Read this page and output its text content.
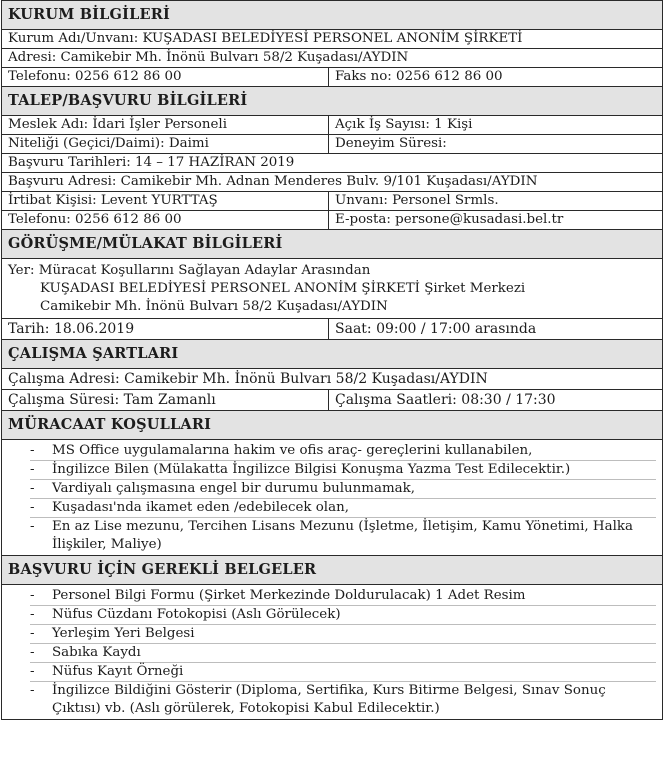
KURUM BİLGİLERİ
Kurum Adı/Unvanı: KUŞADASI BELEDİYESİ PERSONEL ANONİM ŞİRKETİ
Adresi: Camikebir Mh. İnönü Bulvarı 58/2 Kuşadası/AYDIN
Telefonu: 0256 612 86 00	Faks no: 0256 612 86 00
TALEP/BAŞVURU BİLGİLERİ
Meslek Adı: İdari İşler Personeli	Açık İş Sayısı: 1 Kişi
Niteliği (Geçici/Daimi): Daimi	Deneyim Süresi:
Başvuru Tarihleri: 14 – 17 HAZİRAN 2019
Başvuru Adresi: Camikebir Mh. Adnan Menderes Bulv. 9/101 Kuşadası/AYDIN
İrtibat Kişisi: Levent YURTTAŞ	Unvanı: Personel Srmls.
Telefonu: 0256 612 86 00	E-posta: persone@kusadasi.bel.tr
GÖRÜŞME/MÜLAKAT BİLGİLERİ
Yer: Müracat Koşullarını Sağlayan Adaylar Arasından
KUŞADASI BELEDİYESİ PERSONEL ANONİM ŞİRKETİ Şirket Merkezi
Camikebir Mh. İnönü Bulvarı 58/2 Kuşadası/AYDIN
Tarih: 18.06.2019	Saat: 09:00 / 17:00 arasında
ÇALIŞMA ŞARTLARI
Çalışma Adresi: Camikebir Mh. İnönü Bulvarı 58/2 Kuşadası/AYDIN
Çalışma Süresi: Tam Zamanlı	Çalışma Saatleri: 08:30 / 17:30
MÜRACAAT KOŞULLARI
-	MS Office uygulamalarına hakim ve ofis araç- gereçlerini kullanabilen,
-	İngilizce Bilen (Mülakatta İngilizce Bilgisi Konuşma Yazma Test Edilecektir.)
-	Vardiyalı çalışmasına engel bir durumu bulunmamak,
-	Kuşadası'nda ikamet eden /edebilecek olan,
-	En az Lise mezunu, Tercihen Lisans Mezunu (İşletme, İletişim, Kamu Yönetimi, Halka İlişkiler, Maliye)
BAŞVURU İÇİN GEREKLİ BELGELER
-	Personel Bilgi Formu (Şirket Merkezinde Doldurulacak) 1 Adet Resim
-	Nüfus Cüzdanı Fotokopisi (Aslı Görülecek)
-	Yerleşim Yeri Belgesi
-	Sabıka Kaydı
-	Nüfus Kayıt Örneği
-	İngilizce Bildiğini Gösterir (Diploma, Sertifika, Kurs Bitirme Belgesi, Sınav Sonuç Çıktısı) vb. (Aslı görülerek, Fotokopisi Kabul Edilecektir.)
